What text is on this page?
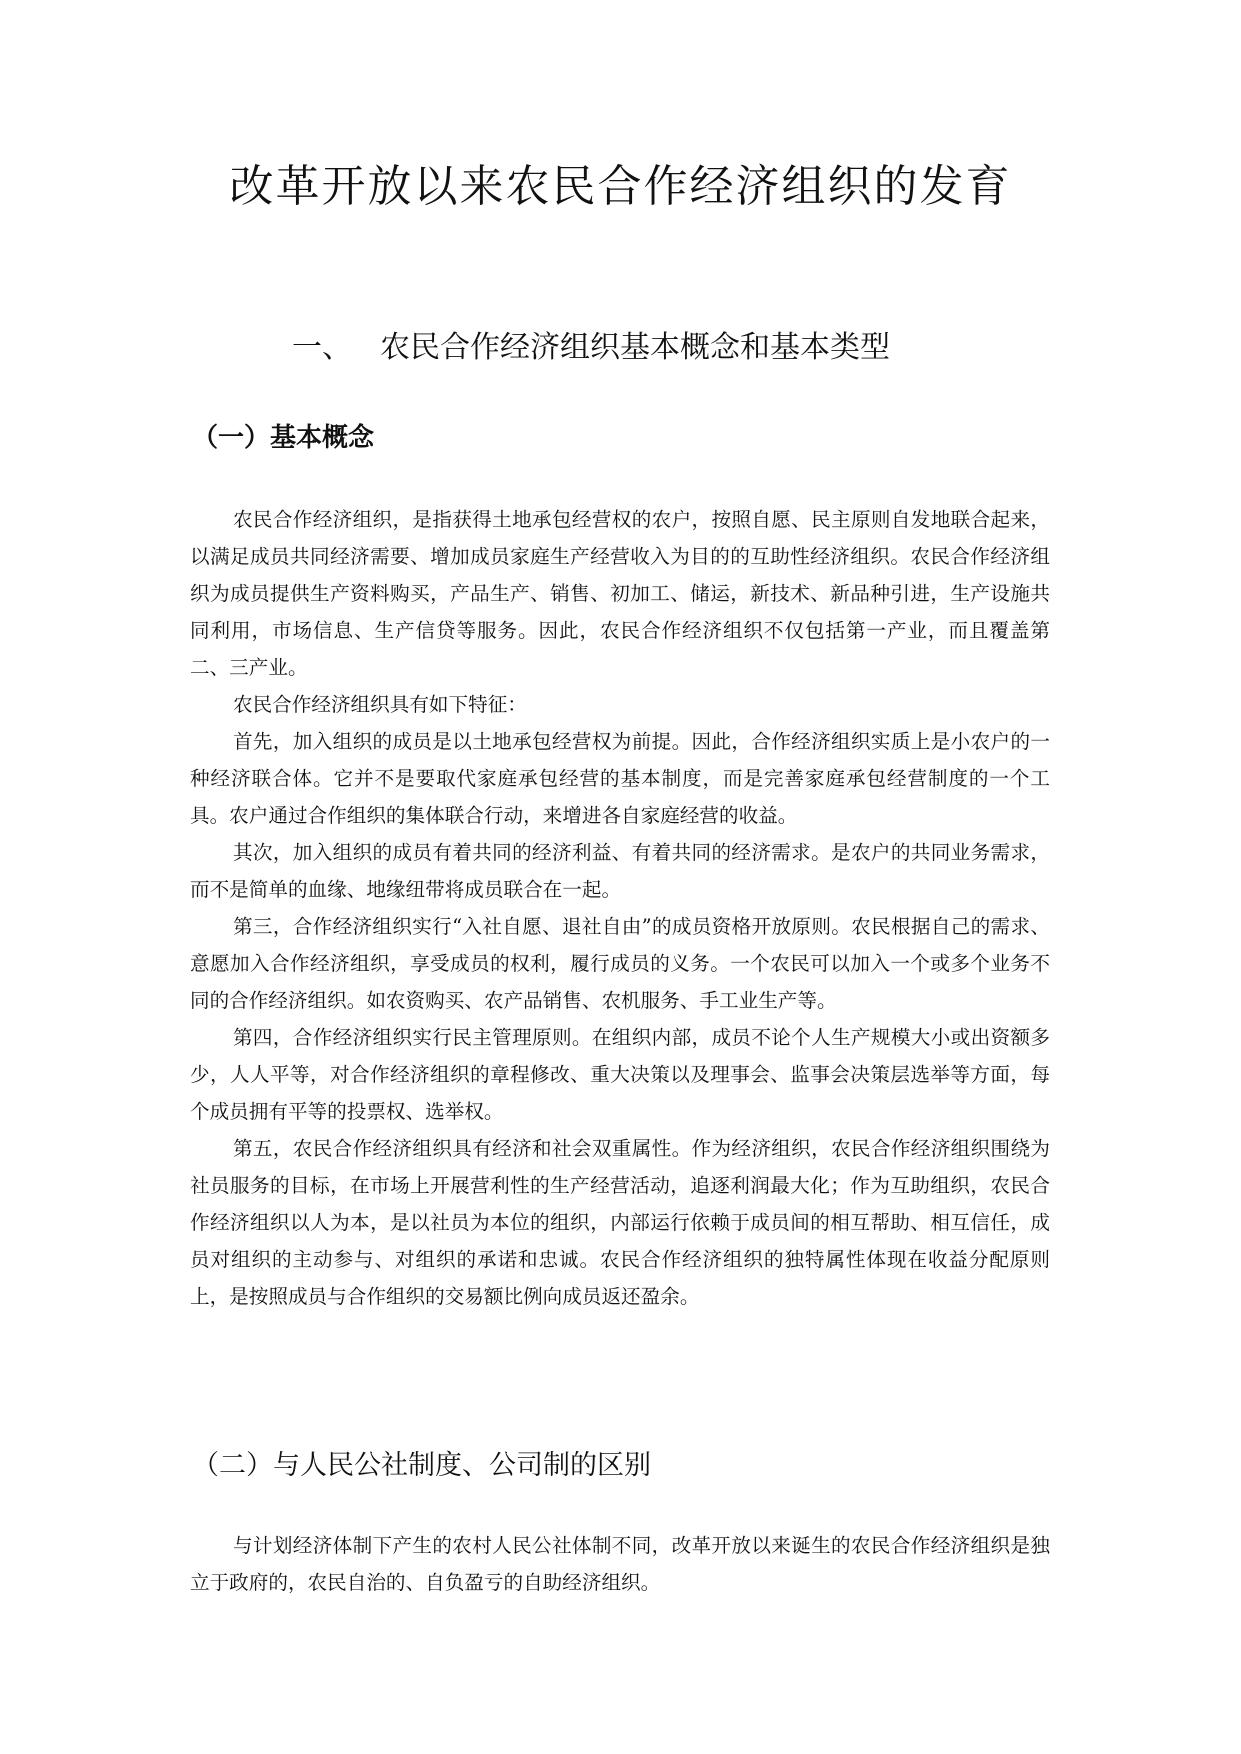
改革开放以来农民合作经济组织的发育
一、 农民合作经济组织基本概念和基本类型
（一）基本概念

农民合作经济组织，是指获得土地承包经营权的农户，按照自愿、民主原则自发地联合起来，以满足成员共同经济需要、增加成员家庭生产经营收入为目的的互助性经济组织。农民合作经济组织为成员提供生产资料购买，产品生产、销售、初加工、储运，新技术、新品种引进，生产设施共同利用，市场信息、生产信贷等服务。因此，农民合作经济组织不仅包括第一产业，而且覆盖第二、三产业。

农民合作经济组织具有如下特征：

首先，加入组织的成员是以土地承包经营权为前提。因此，合作经济组织实质上是小农户的一种经济联合体。它并不是要取代家庭承包经营的基本制度，而是完善家庭承包经营制度的一个工具。农户通过合作组织的集体联合行动，来增进各自家庭经营的收益。

其次，加入组织的成员有着共同的经济利益、有着共同的经济需求。是农户的共同业务需求，而不是简单的血缘、地缘纽带将成员联合在一起。

第三，合作经济组织实行“入社自愿、退社自由”的成员资格开放原则。农民根据自己的需求、意愿加入合作经济组织，享受成员的权利，履行成员的义务。一个农民可以加入一个或多个业务不同的合作经济组织。如农资购买、农产品销售、农机服务、手工业生产等。

第四，合作经济组织实行民主管理原则。在组织内部，成员不论个人生产规模大小或出资额多少，人人平等，对合作经济组织的章程修改、重大决策以及理事会、监事会决策层选举等方面，每个成员拥有平等的投票权、选举权。

第五，农民合作经济组织具有经济和社会双重属性。作为经济组织，农民合作经济组织围绕为社员服务的目标，在市场上开展营利性的生产经营活动，追逐利润最大化；作为互助组织，农民合作经济组织以人为本，是以社员为本位的组织，内部运行依赖于成员间的相互帮助、相互信任，成员对组织的主动参与、对组织的承诺和忠诚。农民合作经济组织的独特属性体现在收益分配原则上，是按照成员与合作组织的交易额比例向成员返还盈余。

（二）与人民公社制度、公司制的区别

与计划经济体制下产生的农村人民公社体制不同，改革开放以来诞生的农民合作经济组织是独立于政府的，农民自治的、自负盈亏的自助经济组织。
